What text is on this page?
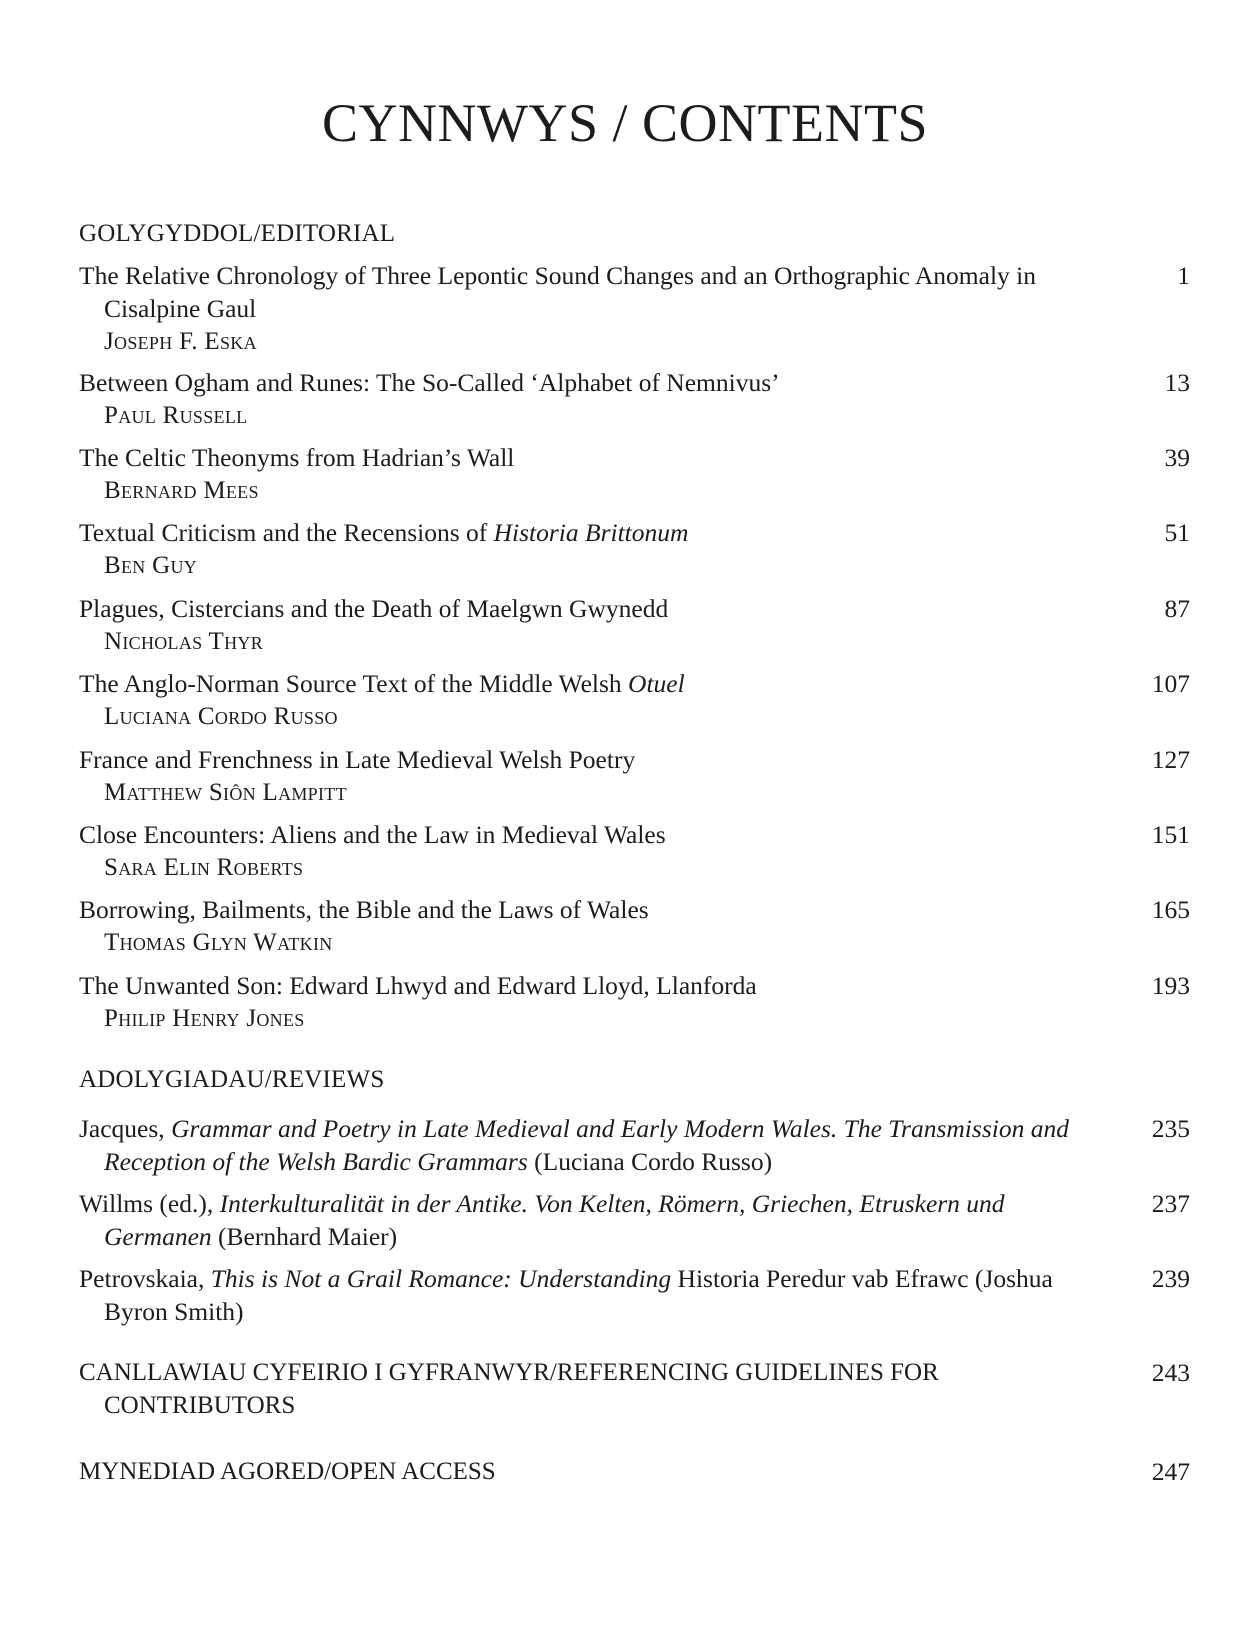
CYNNWYS / CONTENTS
GOLYGYDDOL/EDITORIAL
The Relative Chronology of Three Lepontic Sound Changes and an Orthographic Anomaly in Cisalpine Gaul
Joseph F. Eska
1
Between Ogham and Runes: The So-Called ‘Alphabet of Nemnivus’
Paul Russell
13
The Celtic Theonyms from Hadrian’s Wall
Bernard Mees
39
Textual Criticism and the Recensions of Historia Brittonum
Ben Guy
51
Plagues, Cistercians and the Death of Maelgwn Gwynedd
Nicholas Thyr
87
The Anglo-Norman Source Text of the Middle Welsh Otuel
Luciana Cordo Russo
107
France and Frenchness in Late Medieval Welsh Poetry
Matthew Siôn Lampitt
127
Close Encounters: Aliens and the Law in Medieval Wales
Sara Elin Roberts
151
Borrowing, Bailments, the Bible and the Laws of Wales
Thomas Glyn Watkin
165
The Unwanted Son: Edward Lhwyd and Edward Lloyd, Llanforda
Philip Henry Jones
193
ADOLYGIADAU/REVIEWS
Jacques, Grammar and Poetry in Late Medieval and Early Modern Wales. The Transmission and Reception of the Welsh Bardic Grammars (Luciana Cordo Russo)
235
Willms (ed.), Interkulturalität in der Antike. Von Kelten, Römern, Griechen, Etruskern und Germanen (Bernhard Maier)
237
Petrovskaia, This is Not a Grail Romance: Understanding Historia Peredur vab Efrawc (Joshua Byron Smith)
239
CANLLAWIAU CYFEIRIO I GYFRANWYR/REFERENCING GUIDELINES FOR CONTRIBUTORS
243
MYNEDIAD AGORED/OPEN ACCESS	247
